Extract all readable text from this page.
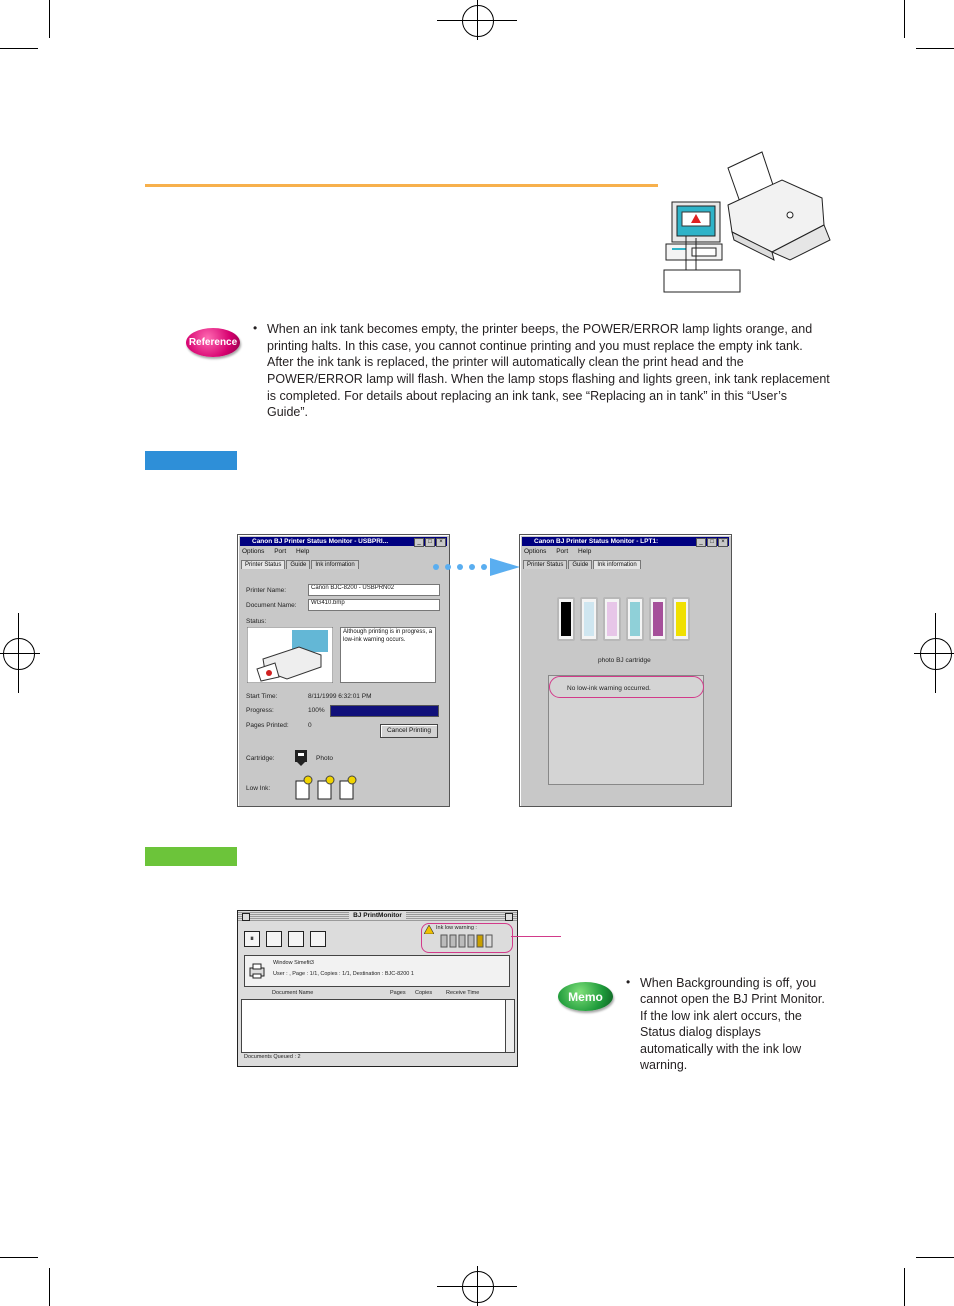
Reference
• When an ink tank becomes empty, the printer beeps, the POWER/ERROR lamp lights orange, and
printing halts. In this case, you cannot continue printing and you must replace the empty ink tank.
After the ink tank is replaced, the printer will automatically clean the print head and the
POWER/ERROR lamp will flash. When the lamp stops flashing and lights green, ink tank replacement
is completed. For details about replacing an ink tank, see “Replacing an in tank” in this “User’s
Guide”.
Canon BJ Printer Status Monitor - USBPRI...	_	□	×
Options Port Help
Printer Status	Guide	Ink information
Printer Name:	Canon BJC-8200 - USBPRN02
Document Name:	WG410.bmp
Status:
Although printing is in progress, a low-ink warning occurs.
Start Time:	8/11/1999 6:32:01 PM
Progress:	100%
Pages Printed:	0
Cancel Printing
Cartridge:	Photo
Low Ink:
Canon BJ Printer Status Monitor - LPT1:	_	□	×
Options Port Help
Printer Status	Guide	Ink information
photo BJ cartridge
No low-ink warning occurred.
BJ PrintMonitor
⏸
Ink low warning :
Window Simefit3
User : , Page : 1/1, Copies : 1/1, Destination : BJC-8200 1
Document Name	Pages Copies	Receive Time
Documents Queued : 2
Memo
• When Backgrounding is off, you
cannot open the BJ Print Monitor.
If the low ink alert occurs, the
Status dialog displays
automatically with the ink low
warning.
